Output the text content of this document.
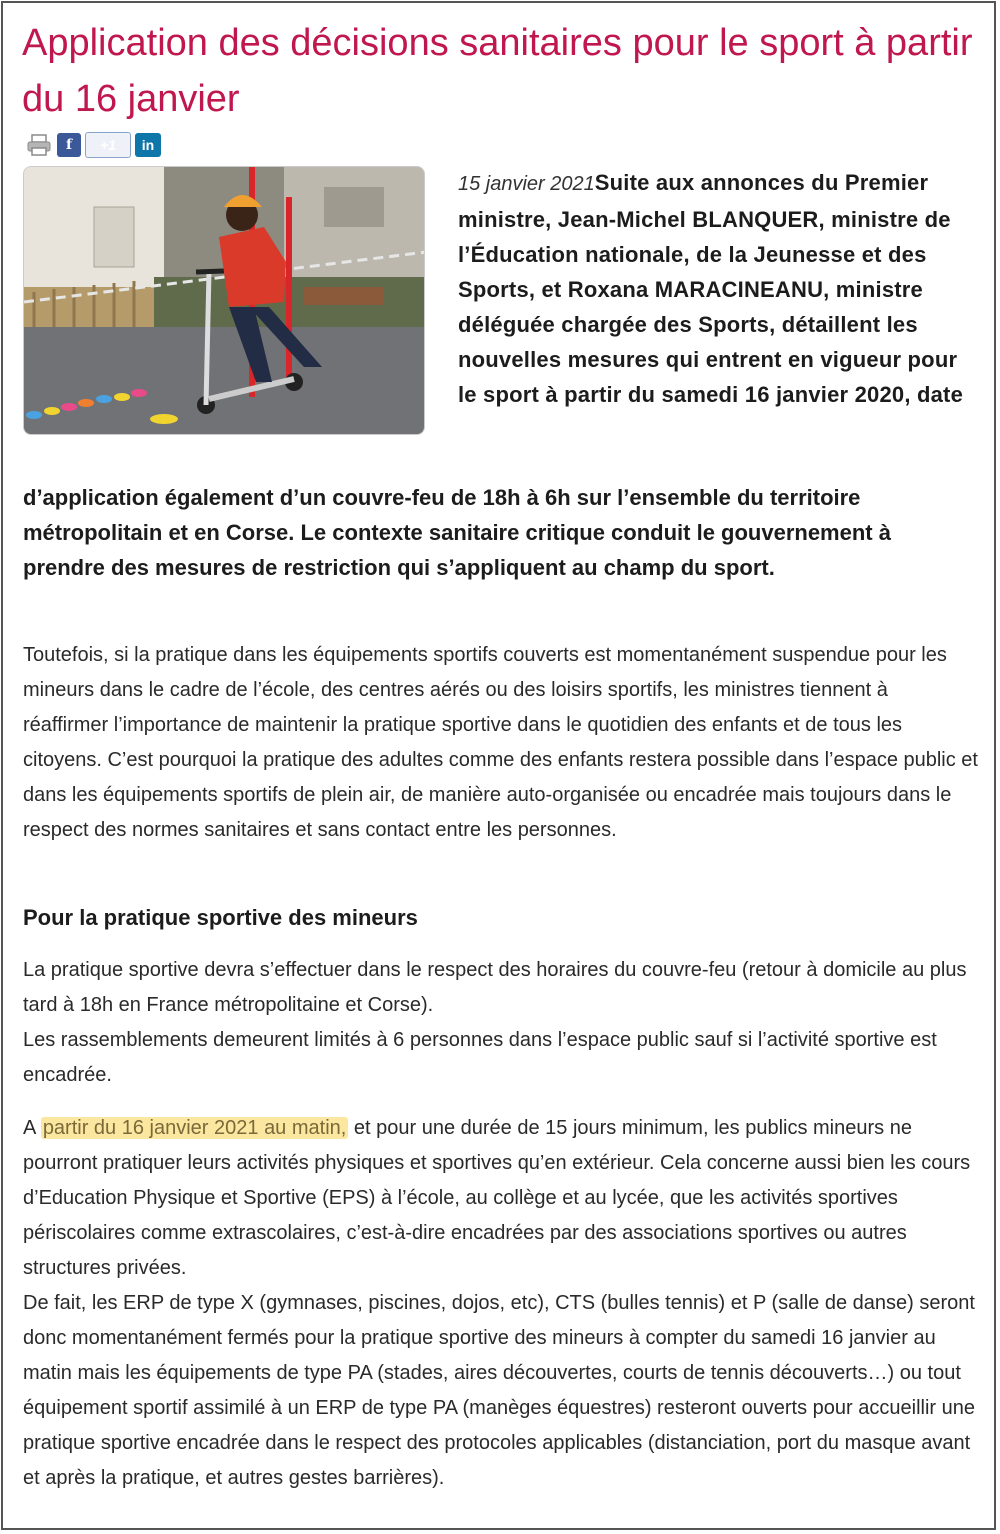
Application des décisions sanitaires pour le sport à partir du 16 janvier
f +1 in t
15 janvier 2021Suite aux annonces du Premier ministre, Jean-Michel BLANQUER, ministre de l’Éducation nationale, de la Jeunesse et des Sports, et Roxana MARACINEANU, ministre déléguée chargée des Sports, détaillent les nouvelles mesures qui entrent en vigueur pour le sport à partir du samedi 16 janvier 2020, date
d’application également d’un couvre-feu de 18h à 6h sur l’ensemble du territoire métropolitain et en Corse. Le contexte sanitaire critique conduit le gouvernement à prendre des mesures de restriction qui s’appliquent au champ du sport.

Toutefois, si la pratique dans les équipements sportifs couverts est momentanément suspendue pour les mineurs dans le cadre de l’école, des centres aérés ou des loisirs sportifs, les ministres tiennent à réaffirmer l’importance de maintenir la pratique sportive dans le quotidien des enfants et de tous les citoyens. C’est pourquoi la pratique des adultes comme des enfants restera possible dans l’espace public et dans les équipements sportifs de plein air, de manière auto-organisée ou encadrée mais toujours dans le respect des normes sanitaires et sans contact entre les personnes.

Pour la pratique sportive des mineurs

La pratique sportive devra s’effectuer dans le respect des horaires du couvre-feu (retour à domicile au plus tard à 18h en France métropolitaine et Corse).

Les rassemblements demeurent limités à 6 personnes dans l’espace public sauf si l’activité sportive est encadrée.

A partir du 16 janvier 2021 au matin, et pour une durée de 15 jours minimum, les publics mineurs ne pourront pratiquer leurs activités physiques et sportives qu’en extérieur. Cela concerne aussi bien les cours d’Education Physique et Sportive (EPS) à l’école, au collège et au lycée, que les activités sportives périscolaires comme extrascolaires, c’est-à-dire encadrées par des associations sportives ou autres structures privées.

De fait, les ERP de type X (gymnases, piscines, dojos, etc), CTS (bulles tennis) et P (salle de danse) seront donc momentanément fermés pour la pratique sportive des mineurs à compter du samedi 16 janvier au matin mais les équipements de type PA (stades, aires découvertes, courts de tennis découverts…) ou tout équipement sportif assimilé à un ERP de type PA (manèges équestres) resteront ouverts pour accueillir une pratique sportive encadrée dans le respect des protocoles applicables (distanciation, port du masque avant et après la pratique, et autres gestes barrières).
